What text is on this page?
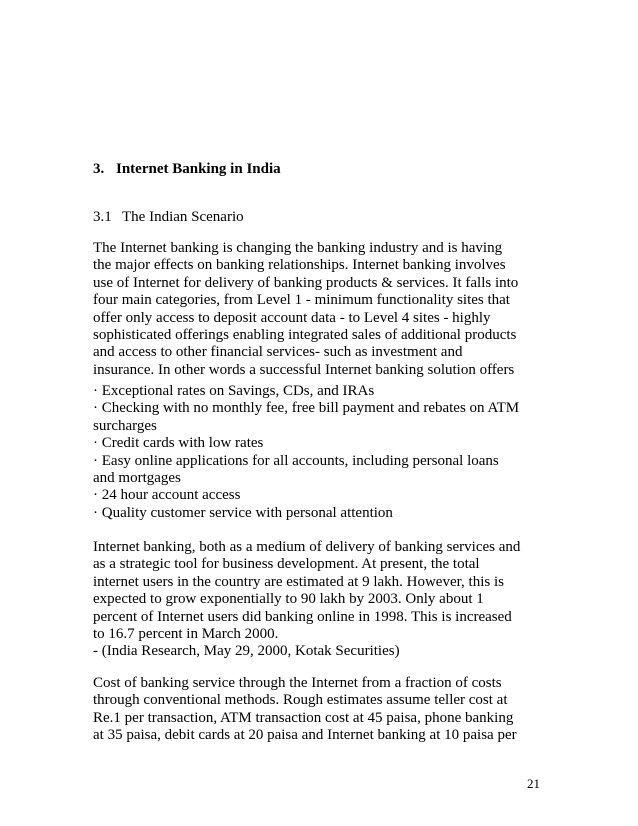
3. Internet Banking in India
3.1 The Indian Scenario
The Internet banking is changing the banking industry and is having
the major effects on banking relationships. Internet banking involves
use of Internet for delivery of banking products & services. It falls into
four main categories, from Level 1 - minimum functionality sites that
offer only access to deposit account data - to Level 4 sites - highly
sophisticated offerings enabling integrated sales of additional products
and access to other financial services- such as investment and
insurance. In other words a successful Internet banking solution offers
· Exceptional rates on Savings, CDs, and IRAs
· Checking with no monthly fee, free bill payment and rebates on ATM
surcharges
· Credit cards with low rates
· Easy online applications for all accounts, including personal loans
and mortgages
· 24 hour account access
· Quality customer service with personal attention
Internet banking, both as a medium of delivery of banking services and
as a strategic tool for business development. At present, the total
internet users in the country are estimated at 9 lakh. However, this is
expected to grow exponentially to 90 lakh by 2003. Only about 1
percent of Internet users did banking online in 1998. This is increased
to 16.7 percent in March 2000.
- (India Research, May 29, 2000, Kotak Securities)
Cost of banking service through the Internet from a fraction of costs
through conventional methods. Rough estimates assume teller cost at
Re.1 per transaction, ATM transaction cost at 45 paisa, phone banking
at 35 paisa, debit cards at 20 paisa and Internet banking at 10 paisa per
21
